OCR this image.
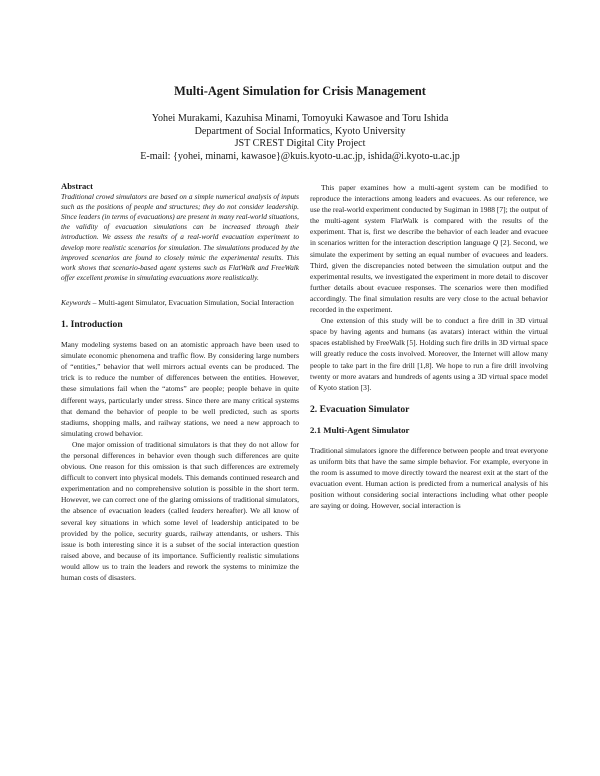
Multi-Agent Simulation for Crisis Management
Yohei Murakami, Kazuhisa Minami, Tomoyuki Kawasoe and Toru Ishida
Department of Social Informatics, Kyoto University
JST CREST Digital City Project
E-mail: {yohei, minami, kawasoe}@kuis.kyoto-u.ac.jp, ishida@i.kyoto-u.ac.jp

Abstract

Traditional crowd simulators are based on a simple numerical analysis of inputs such as the positions of people and structures; they do not consider leadership. Since leaders (in terms of evacuations) are present in many real-world situations, the validity of evacuation simulations can be increased through their introduction. We assess the results of a real-world evacuation experiment to develop more realistic scenarios for simulation. The simulations produced by the improved scenarios are found to closely mimic the experimental results. This work shows that scenario-based agent systems such as FlatWalk and FreeWalk offer excellent promise in simulating evacuations more realistically.

Keywords – Multi-agent Simulator, Evacuation Simulation, Social Interaction

1. Introduction

Many modeling systems based on an atomistic approach have been used to simulate economic phenomena and traffic flow. By considering large numbers of “entities,” behavior that well mirrors actual events can be produced. The trick is to reduce the number of differences between the entities. However, these simulations fail when the “atoms” are people; people behave in quite different ways, particularly under stress. Since there are many critical systems that demand the behavior of people to be well predicted, such as sports stadiums, shopping malls, and railway stations, we need a new approach to simulating crowd behavior.

One major omission of traditional simulators is that they do not allow for the personal differences in behavior even though such differences are quite obvious. One reason for this omission is that such differences are extremely difficult to convert into physical models. This demands continued research and experimentation and no comprehensive solution is possible in the short term. However, we can correct one of the glaring omissions of traditional simulators, the absence of evacuation leaders (called leaders hereafter). We all know of several key situations in which some level of leadership anticipated to be provided by the police, security guards, railway attendants, or ushers. This issue is both interesting since it is a subset of the social interaction question raised above, and because of its importance. Sufficiently realistic simulations would allow us to train the leaders and rework the systems to minimize the human costs of disasters.

This paper examines how a multi-agent system can be modified to reproduce the interactions among leaders and evacuees. As our reference, we use the real-world experiment conducted by Sugiman in 1988 [7]; the output of the multi-agent system FlatWalk is compared with the results of the experiment. That is, first we describe the behavior of each leader and evacuee in scenarios written for the interaction description language Q [2]. Second, we simulate the experiment by setting an equal number of evacuees and leaders. Third, given the discrepancies noted between the simulation output and the experimental results, we investigated the experiment in more detail to discover further details about evacuee responses. The scenarios were then modified accordingly. The final simulation results are very close to the actual behavior recorded in the experiment.

One extension of this study will be to conduct a fire drill in 3D virtual space by having agents and humans (as avatars) interact within the virtual spaces established by FreeWalk [5]. Holding such fire drills in 3D virtual space will greatly reduce the costs involved. Moreover, the Internet will allow many people to take part in the fire drill [1,8]. We hope to run a fire drill involving twenty or more avatars and hundreds of agents using a 3D virtual space model of Kyoto station [3].

2. Evacuation Simulator
2.1 Multi-Agent Simulator

Traditional simulators ignore the difference between people and treat everyone as uniform bits that have the same simple behavior. For example, everyone in the room is assumed to move directly toward the nearest exit at the start of the evacuation event. Human action is predicted from a numerical analysis of his position without considering social interactions including what other people are saying or doing. However, social interaction is
